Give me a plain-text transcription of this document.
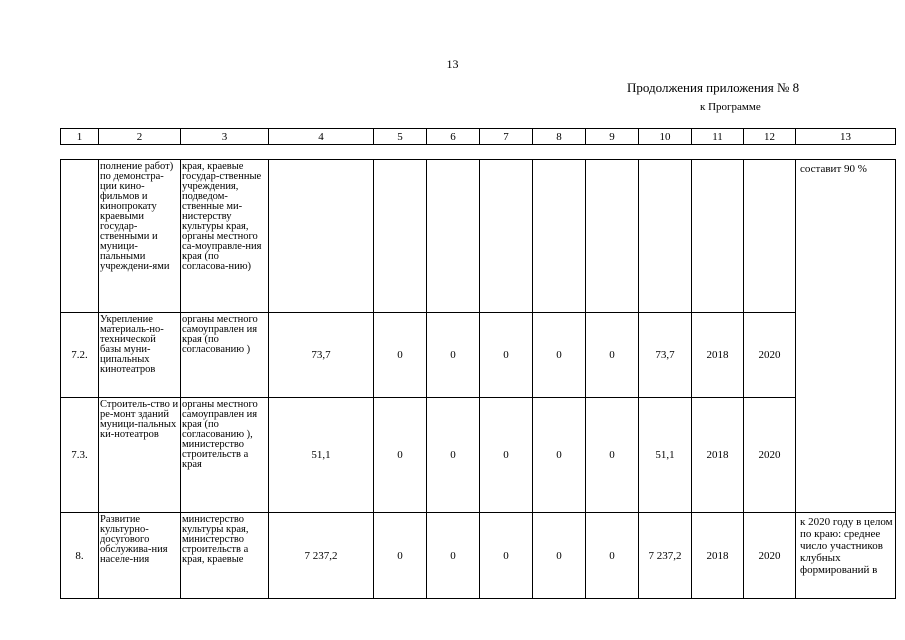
13
Продолжения приложения № 8
к Программе
1	2	3	4	5	6	7	8	9	10	11	12	13
	полнение работ) по демонстра-ции кино-фильмов и кинопрокату краевыми государ-ственными и муници-пальными учреждени-ями	края, краевые государ-ственные учреждения, подведом-ственные ми-нистерству культуры края, органы местного са-моуправле-ния края (по согласова-нию)										составит 90 %
7.2.	Укрепление материаль-но-технической базы муни-ципальных кинотеатров	органы местного самоуправлен ия края (по согласованию )	73,7	0	0	0	0	0	73,7	2018	2020	
7.3.	Строитель-ство и ре-монт зданий муници-пальных ки-нотеатров	органы местного самоуправлен ия края (по согласованию ), министерство строительств а края	51,1	0	0	0	0	0	51,1	2018	2020	
8.	Развитие культурно-досугового обслужива-ния населе-ния	министерство культуры края, министерство строительств а края, краевые	7 237,2	0	0	0	0	0	7 237,2	2018	2020	к 2020 году в целом по краю: среднее число участников клубных формирований в
